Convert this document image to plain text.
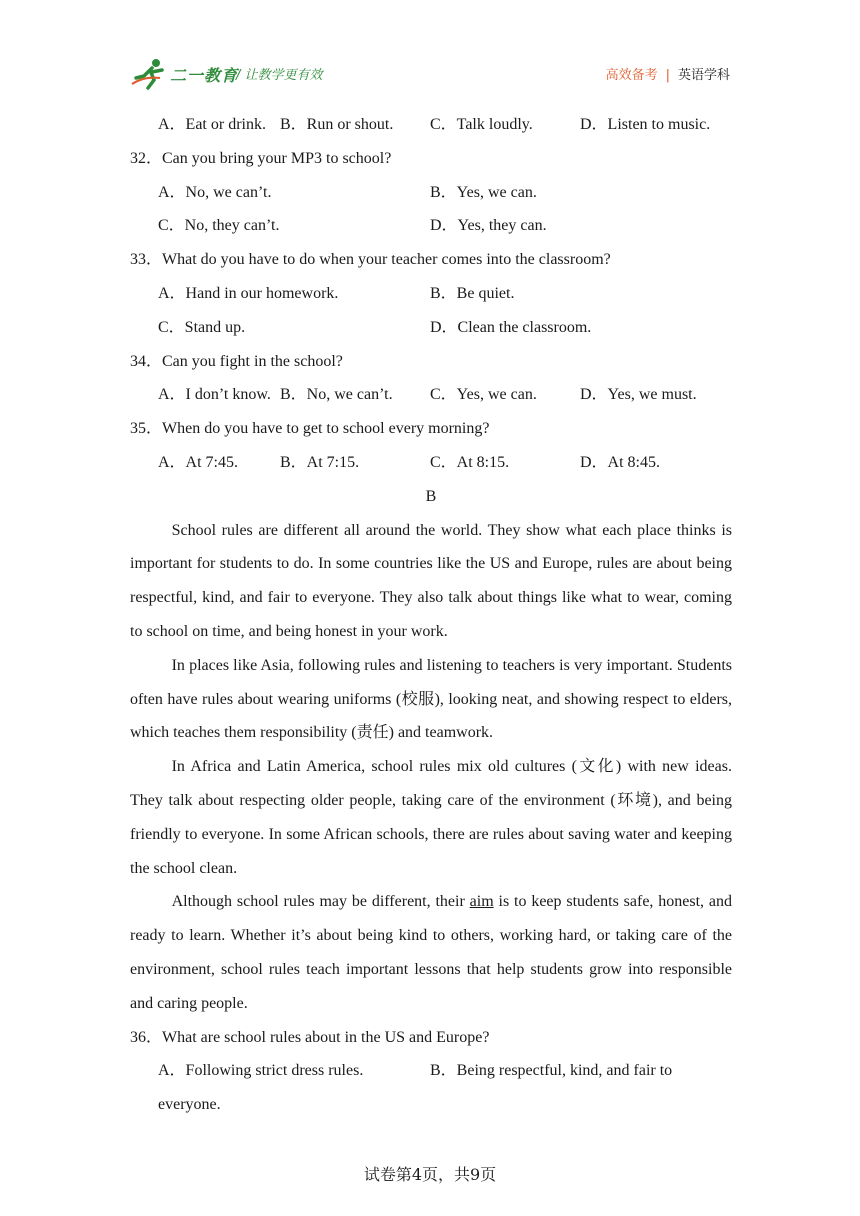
二一教育
/ 让教学更有效	高效备考 | 英语学科
A．Eat or drink. B．Run or shout. C．Talk loudly.	D．Listen to music.
32．Can you bring your MP3 to school?
A．No, we can’t.	B．Yes, we can.
C．No, they can’t.	D．Yes, they can.
33．What do you have to do when your teacher comes into the classroom?
A．Hand in our homework.	B．Be quiet.
C．Stand up.	D．Clean the classroom.
34．Can you fight in the school?
A．I don’t know. B．No, we can’t. C．Yes, we can.	D．Yes, we must.
35．When do you have to get to school every morning?
A．At 7:45.	B．At 7:15.	C．At 8:15.	D．At 8:45.
B

School rules are different all around the world. They show what each place thinks is important for students to do. In some countries like the US and Europe, rules are about being respectful, kind, and fair to everyone. They also talk about things like what to wear, coming to school on time, and being honest in your work.

In places like Asia, following rules and listening to teachers is very important. Students often have rules about wearing uniforms (校服), looking neat, and showing respect to elders, which teaches them responsibility (责任) and teamwork.

In Africa and Latin America, school rules mix old cultures (文化) with new ideas. They talk about respecting older people, taking care of the environment (环境), and being friendly to everyone. In some African schools, there are rules about saving water and keeping the school clean.

Although school rules may be different, their aim is to keep students safe, honest, and ready to learn. Whether it’s about being kind to others, working hard, or taking care of the environment, school rules teach important lessons that help students grow into responsible and caring people.

36．What are school rules about in the US and Europe?
A．Following strict dress rules.	B．Being respectful, kind, and fair to
everyone.
试卷第4页，共9页
